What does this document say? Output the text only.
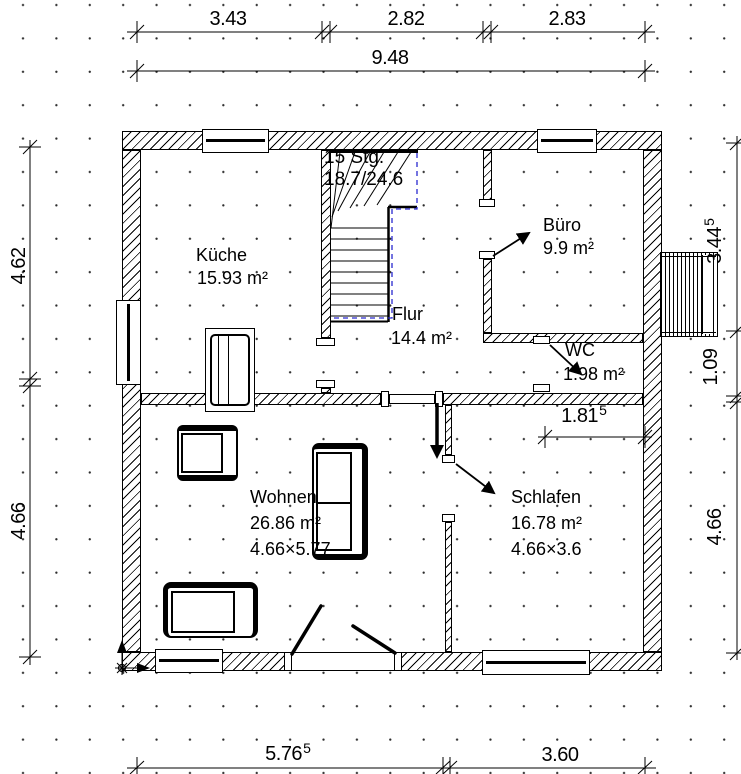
3.43	2.82	2.83
9.48
5.76$^5$	3.60
4.62
4.66
3.44$^5$
1.09
4.66
1.81$^5$
15 Stg.
18.7/24.6
Küche
15.93 m²
Büro
9.9 m²
Flur
14.4 m²
WC
1.98 m²
Wohnen
26.86 m²
4.66×5.77
Schlafen
16.78 m²
4.66×3.6
